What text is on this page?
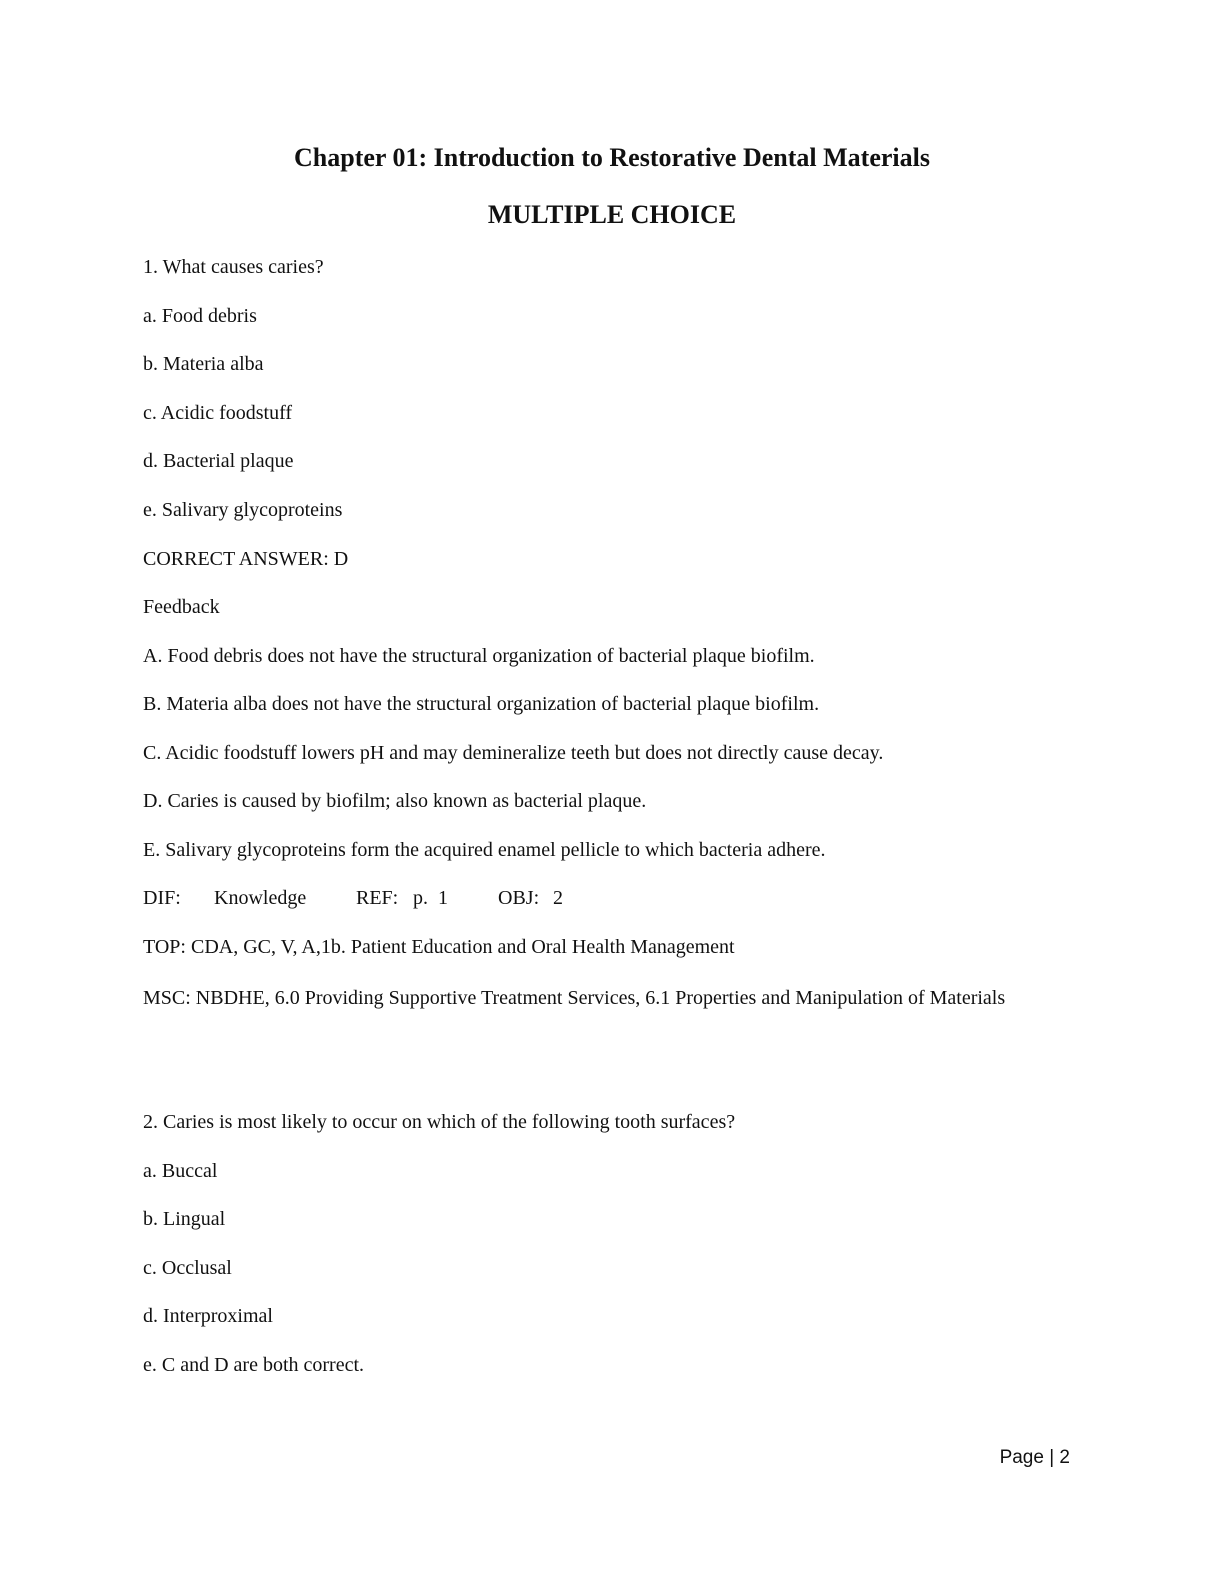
Chapter 01: Introduction to Restorative Dental Materials
MULTIPLE CHOICE
1. What causes caries?
a. Food debris
b. Materia alba
c. Acidic foodstuff
d. Bacterial plaque
e. Salivary glycoproteins
CORRECT ANSWER: D
Feedback
A. Food debris does not have the structural organization of bacterial plaque biofilm.
B. Materia alba does not have the structural organization of bacterial plaque biofilm.
C. Acidic foodstuff lowers pH and may demineralize teeth but does not directly cause decay.
D. Caries is caused by biofilm; also known as bacterial plaque.
E. Salivary glycoproteins form the acquired enamel pellicle to which bacteria adhere.
DIF: Knowledge REF: p.  1	OBJ: 2
TOP: CDA, GC, V, A,1b. Patient Education and Oral Health Management
MSC: NBDHE, 6.0 Providing Supportive Treatment Services, 6.1 Properties and Manipulation of Materials
2. Caries is most likely to occur on which of the following tooth surfaces?
a. Buccal
b. Lingual
c. Occlusal
d. Interproximal
e. C and D are both correct.
Page | 2
